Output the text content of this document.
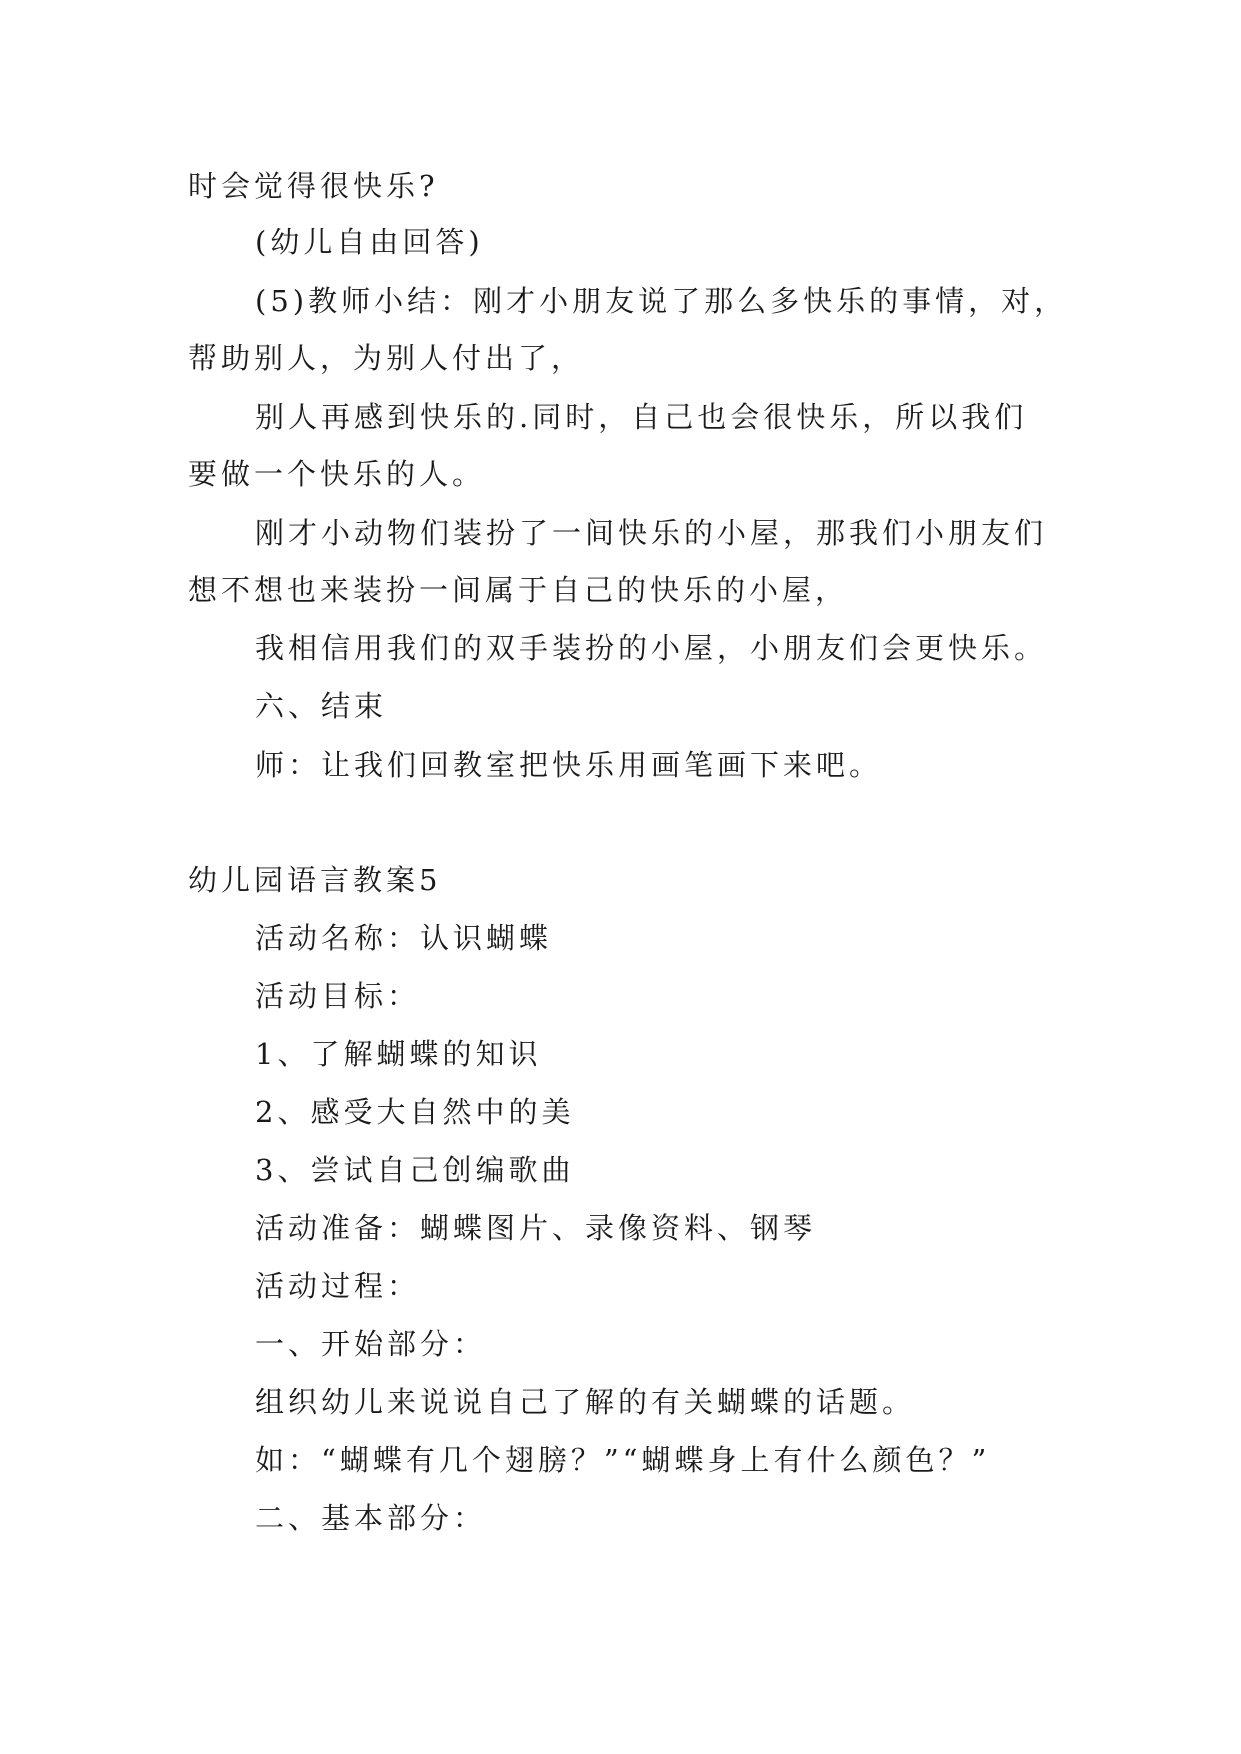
时会觉得很快乐?
(幼儿自由回答)
(5)教师小结：刚才小朋友说了那么多快乐的事情，对，
帮助别人，为别人付出了，
别人再感到快乐的.同时，自己也会很快乐，所以我们
要做一个快乐的人。
刚才小动物们装扮了一间快乐的小屋，那我们小朋友们
想不想也来装扮一间属于自己的快乐的小屋，
我相信用我们的双手装扮的小屋，小朋友们会更快乐。
六、结束
师：让我们回教室把快乐用画笔画下来吧。
幼儿园语言教案5
活动名称：认识蝴蝶
活动目标：
1、了解蝴蝶的知识
2、感受大自然中的美
3、尝试自己创编歌曲
活动准备：蝴蝶图片、录像资料、钢琴
活动过程：
一、开始部分：
组织幼儿来说说自己了解的有关蝴蝶的话题。
如：“蝴蝶有几个翅膀？”“蝴蝶身上有什么颜色？”
二、基本部分：
